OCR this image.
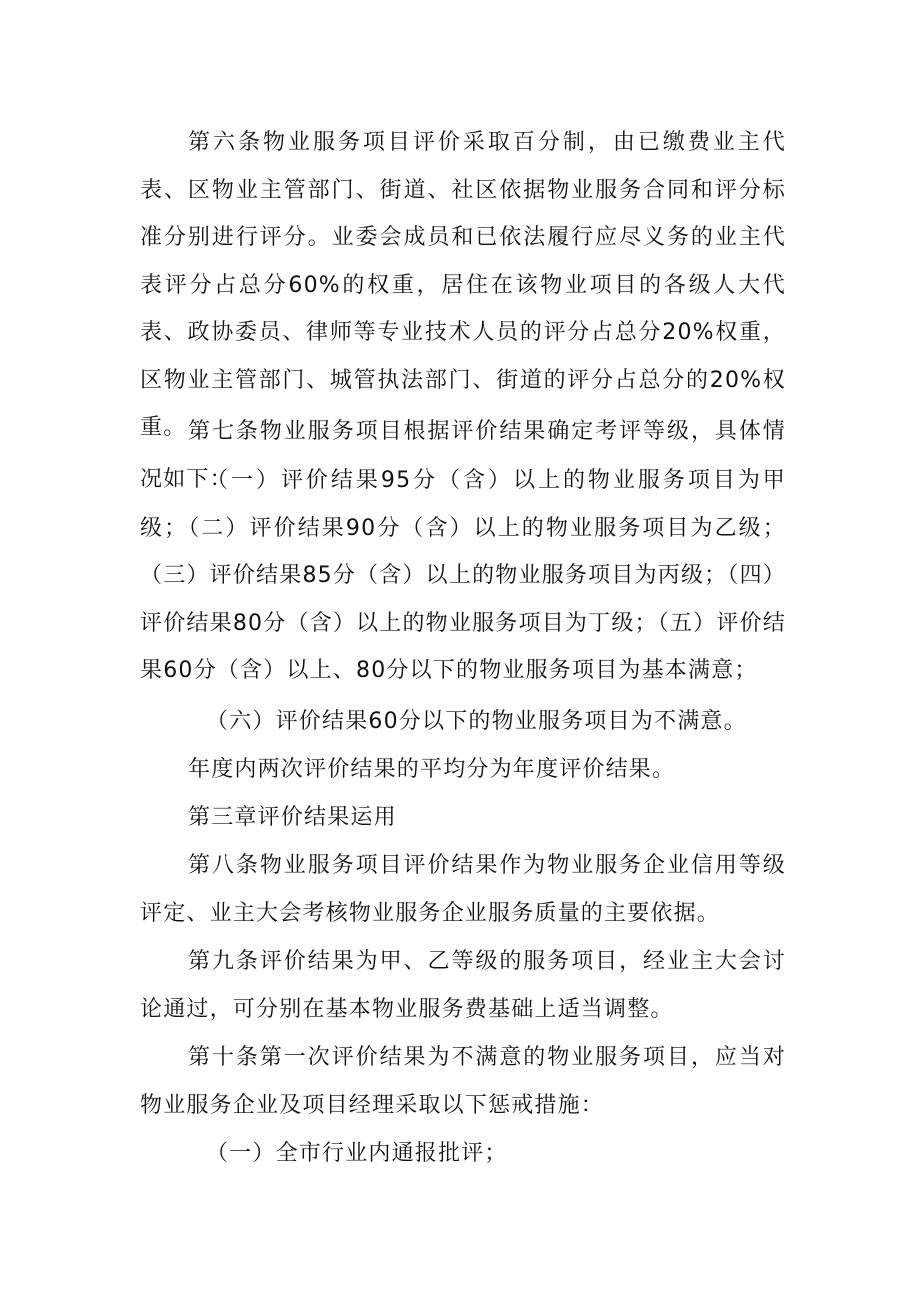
第六条物业服务项目评价采取百分制，由已缴费业主代表、区物业主管部门、街道、社区依据物业服务合同和评分标准分别进行评分。业委会成员和已依法履行应尽义务的业主代表评分占总分60%的权重，居住在该物业项目的各级人大代表、政协委员、律师等专业技术人员的评分占总分20%权重，区物业主管部门、城管执法部门、街道的评分占总分的20%权重。 第七条物业服务项目根据评价结果确定考评等级，具体情况如下：

（一）评价结果95分（含）以上的物业服务项目为甲级；（二）评价结果90分（含）以上的物业服务项目为乙级；（三）评价结果85分（含）以上的物业服务项目为丙级；（四）评价结果80分（含）以上的物业服务项目为丁级；（五）评价结果60分（含）以上、80分以下的物业服务项目为基本满意；

（六）评价结果60分以下的物业服务项目为不满意。

年度内两次评价结果的平均分为年度评价结果。

第三章评价结果运用

第八条物业服务项目评价结果作为物业服务企业信用等级评定、业主大会考核物业服务企业服务质量的主要依据。

第九条评价结果为甲、乙等级的服务项目，经业主大会讨论通过，可分别在基本物业服务费基础上适当调整。

第十条第一次评价结果为不满意的物业服务项目，应当对物业服务企业及项目经理采取以下惩戒措施：

（一）全市行业内通报批评；
